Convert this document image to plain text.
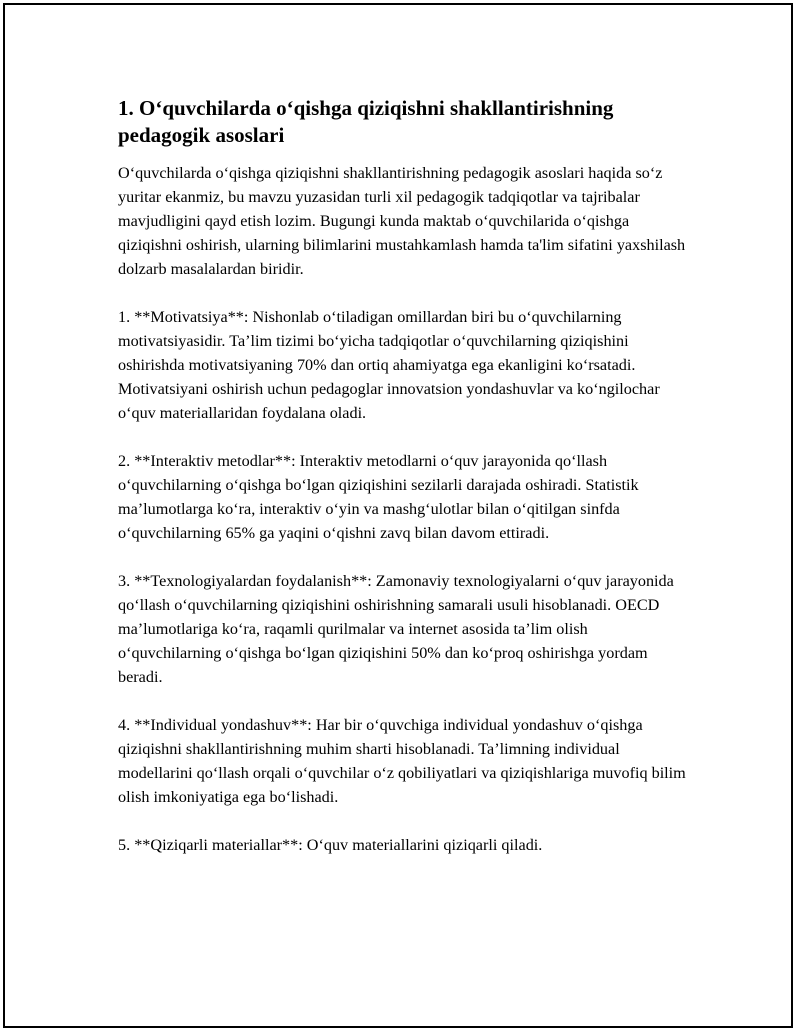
1. O‘quvchilarda o‘qishga qiziqishni shakllantirishning pedagogik asoslari

O‘quvchilarda o‘qishga qiziqishni shakllantirishning pedagogik asoslari haqida so‘z yuritar ekanmiz, bu mavzu yuzasidan turli xil pedagogik tadqiqotlar va tajribalar mavjudligini qayd etish lozim. Bugungi kunda maktab o‘quvchilarida o‘qishga qiziqishni oshirish, ularning bilimlarini mustahkamlash hamda ta'lim sifatini yaxshilash dolzarb masalalardan biridir.

1. **Motivatsiya**: Nishonlab o‘tiladigan omillardan biri bu o‘quvchilarning motivatsiyasidir. Ta’lim tizimi bo‘yicha tadqiqotlar o‘quvchilarning qiziqishini oshirishda motivatsiyaning 70% dan ortiq ahamiyatga ega ekanligini ko‘rsatadi. Motivatsiyani oshirish uchun pedagoglar innovatsion yondashuvlar va ko‘ngilochar o‘quv materiallaridan foydalana oladi.

2. **Interaktiv metodlar**: Interaktiv metodlarni o‘quv jarayonida qo‘llash o‘quvchilarning o‘qishga bo‘lgan qiziqishini sezilarli darajada oshiradi. Statistik ma’lumotlarga ko‘ra, interaktiv o‘yin va mashg‘ulotlar bilan o‘qitilgan sinfda o‘quvchilarning 65% ga yaqini o‘qishni zavq bilan davom ettiradi.

3. **Texnologiyalardan foydalanish**: Zamonaviy texnologiyalarni o‘quv jarayonida qo‘llash o‘quvchilarning qiziqishini oshirishning samarali usuli hisoblanadi. OECD ma’lumotlariga ko‘ra, raqamli qurilmalar va internet asosida ta’lim olish o‘quvchilarning o‘qishga bo‘lgan qiziqishini 50% dan ko‘proq oshirishga yordam beradi.

4. **Individual yondashuv**: Har bir o‘quvchiga individual yondashuv o‘qishga qiziqishni shakllantirishning muhim sharti hisoblanadi. Ta’limning individual modellarini qo‘llash orqali o‘quvchilar o‘z qobiliyatlari va qiziqishlariga muvofiq bilim olish imkoniyatiga ega bo‘lishadi.

5. **Qiziqarli materiallar**: O‘quv materiallarini qiziqarli qiladi.
